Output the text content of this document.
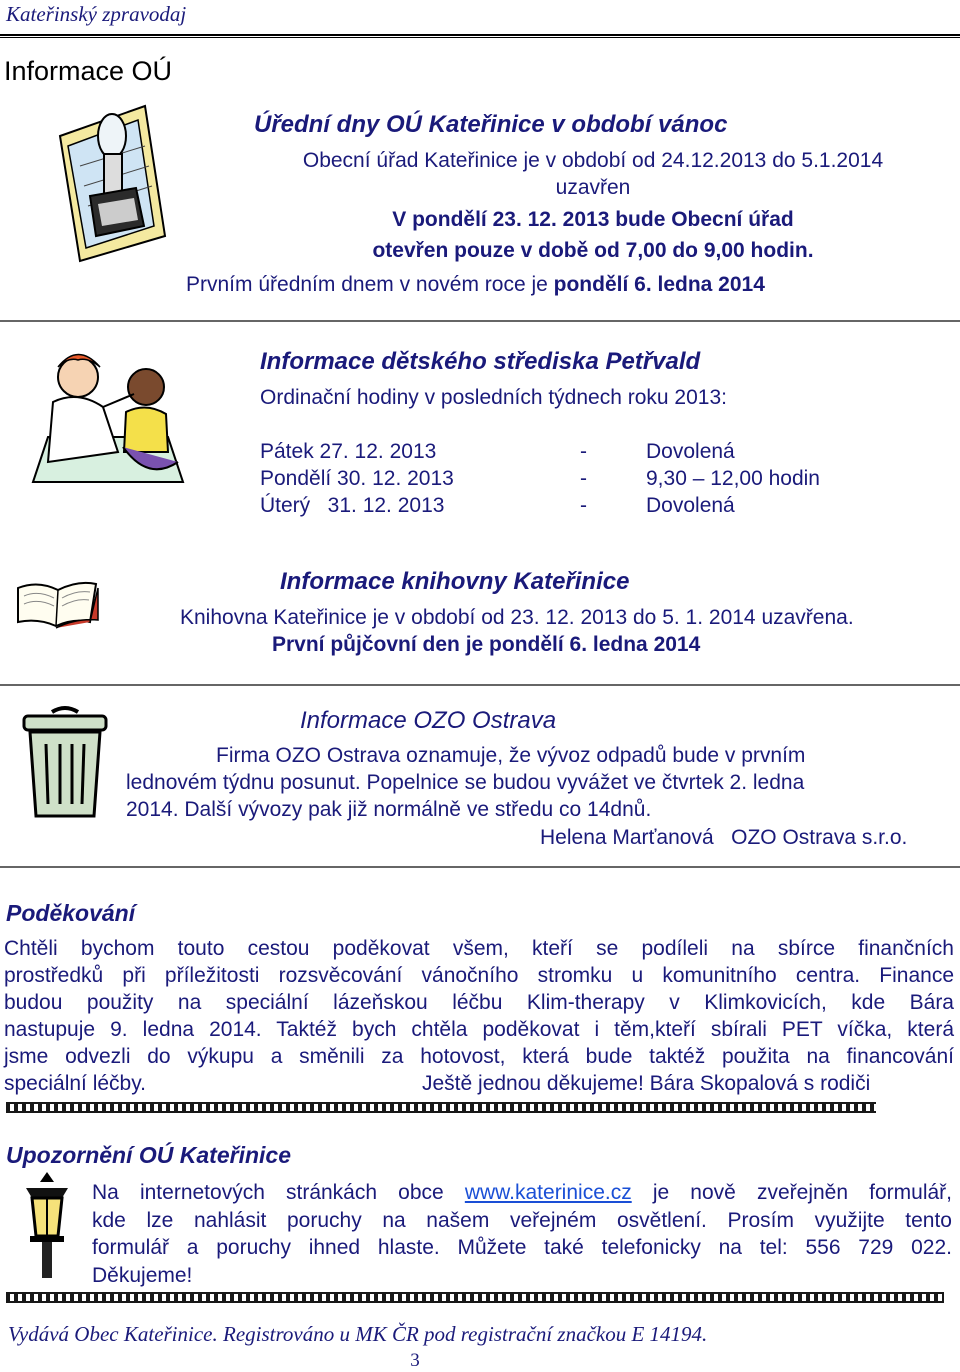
Kateřinský zpravodaj
Informace OÚ
Úřední dny OÚ Kateřinice v období vánoc
Obecní úřad Kateřinice je v období od 24.12.2013 do 5.1.2014
uzavřen
V pondělí 23. 12. 2013 bude Obecní úřad
otevřen pouze v době od 7,00 do 9,00 hodin.
Prvním úředním dnem v novém roce je pondělí 6. ledna 2014
Informace dětského střediska Petřvald
Ordinační hodiny v posledních týdnech roku 2013:
Pátek 27. 12. 2013	-	Dovolená
Pondělí 30. 12. 2013	-	9,30 – 12,00 hodin
Úterý   31. 12. 2013	-	Dovolená
Informace knihovny Kateřinice
Knihovna Kateřinice je v období od 23. 12. 2013 do 5. 1. 2014 uzavřena.
První půjčovní den je pondělí 6. ledna 2014
Informace OZO Ostrava
Firma OZO Ostrava oznamuje, že vývoz odpadů bude v prvním
lednovém týdnu posunut. Popelnice se budou vyvážet ve čtvrtek 2. ledna
2014. Další vývozy pak již normálně ve středu co 14dnů.
Helena Marťanová   OZO Ostrava s.r.o.
Poděkování
Chtěli bychom touto cestou poděkovat všem, kteří se podíleli na sbírce finančních
prostředků při příležitosti rozsvěcování vánočního stromku u komunitního centra. Finance
budou použity na speciální lázeňskou léčbu Klim-therapy v Klimkovicích, kde Bára
nastupuje 9. ledna 2014. Taktéž bych chtěla poděkovat i těm,kteří sbírali PET víčka, která
jsme odvezli do výkupu a směnili za hotovost, která bude taktéž použita na financování
speciální léčby.	Ještě jednou děkujeme! Bára Skopalová s rodiči
Upozornění OÚ Kateřinice
Na internetových stránkách obce www.katerinice.cz je nově zveřejněn formulář,
kde lze nahlásit poruchy na našem veřejném osvětlení. Prosím využijte tento
formulář a poruchy ihned hlaste. Můžete také telefonicky na tel: 556 729 022.
Děkujeme!
Vydává Obec Kateřinice. Registrováno u MK ČR pod registrační značkou E 14194.
3
